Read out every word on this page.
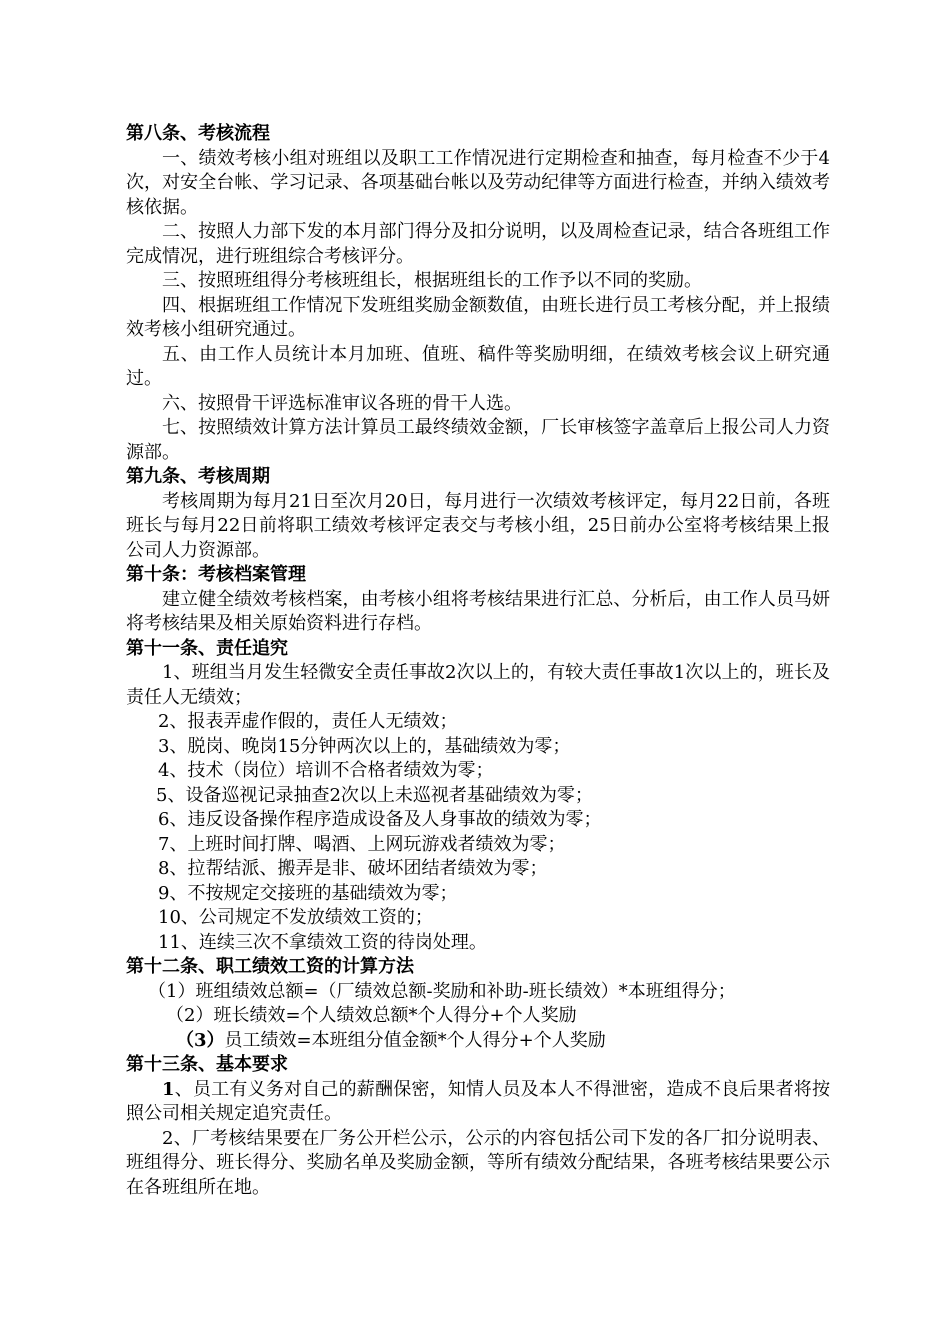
第八条、考核流程
一、绩效考核小组对班组以及职工工作情况进行定期检查和抽查，每月检查不少于4次，对安全台帐、学习记录、各项基础台帐以及劳动纪律等方面进行检查，并纳入绩效考核依据。
二、按照人力部下发的本月部门得分及扣分说明，以及周检查记录，结合各班组工作完成情况，进行班组综合考核评分。
三、按照班组得分考核班组长，根据班组长的工作予以不同的奖励。
四、根据班组工作情况下发班组奖励金额数值，由班长进行员工考核分配，并上报绩效考核小组研究通过。
五、由工作人员统计本月加班、值班、稿件等奖励明细，在绩效考核会议上研究通过。
六、按照骨干评选标准审议各班的骨干人选。
七、按照绩效计算方法计算员工最终绩效金额，厂长审核签字盖章后上报公司人力资源部。
第九条、考核周期
考核周期为每月21日至次月20日，每月进行一次绩效考核评定，每月22日前，各班班长与每月22日前将职工绩效考核评定表交与考核小组，25日前办公室将考核结果上报公司人力资源部。
第十条：考核档案管理
建立健全绩效考核档案，由考核小组将考核结果进行汇总、分析后，由工作人员马妍将考核结果及相关原始资料进行存档。
第十一条、责任追究
1、班组当月发生轻微安全责任事故2次以上的，有较大责任事故1次以上的，班长及责任人无绩效；
2、报表弄虚作假的，责任人无绩效；
3、脱岗、晚岗15分钟两次以上的，基础绩效为零；
4、技术（岗位）培训不合格者绩效为零；
5、设备巡视记录抽查2次以上未巡视者基础绩效为零；
6、违反设备操作程序造成设备及人身事故的绩效为零；
7、上班时间打牌、喝酒、上网玩游戏者绩效为零；
8、拉帮结派、搬弄是非、破坏团结者绩效为零；
9、不按规定交接班的基础绩效为零；
10、公司规定不发放绩效工资的；
11、连续三次不拿绩效工资的待岗处理。
第十二条、职工绩效工资的计算方法
（1）班组绩效总额=（厂绩效总额-奖励和补助-班长绩效）*本班组得分；
（2）班长绩效=个人绩效总额*个人得分+个人奖励
（3）员工绩效=本班组分值金额*个人得分+个人奖励
第十三条、基本要求
1、员工有义务对自己的薪酬保密，知情人员及本人不得泄密，造成不良后果者将按照公司相关规定追究责任。
2、厂考核结果要在厂务公开栏公示，公示的内容包括公司下发的各厂扣分说明表、班组得分、班长得分、奖励名单及奖励金额，等所有绩效分配结果，各班考核结果要公示在各班组所在地。
